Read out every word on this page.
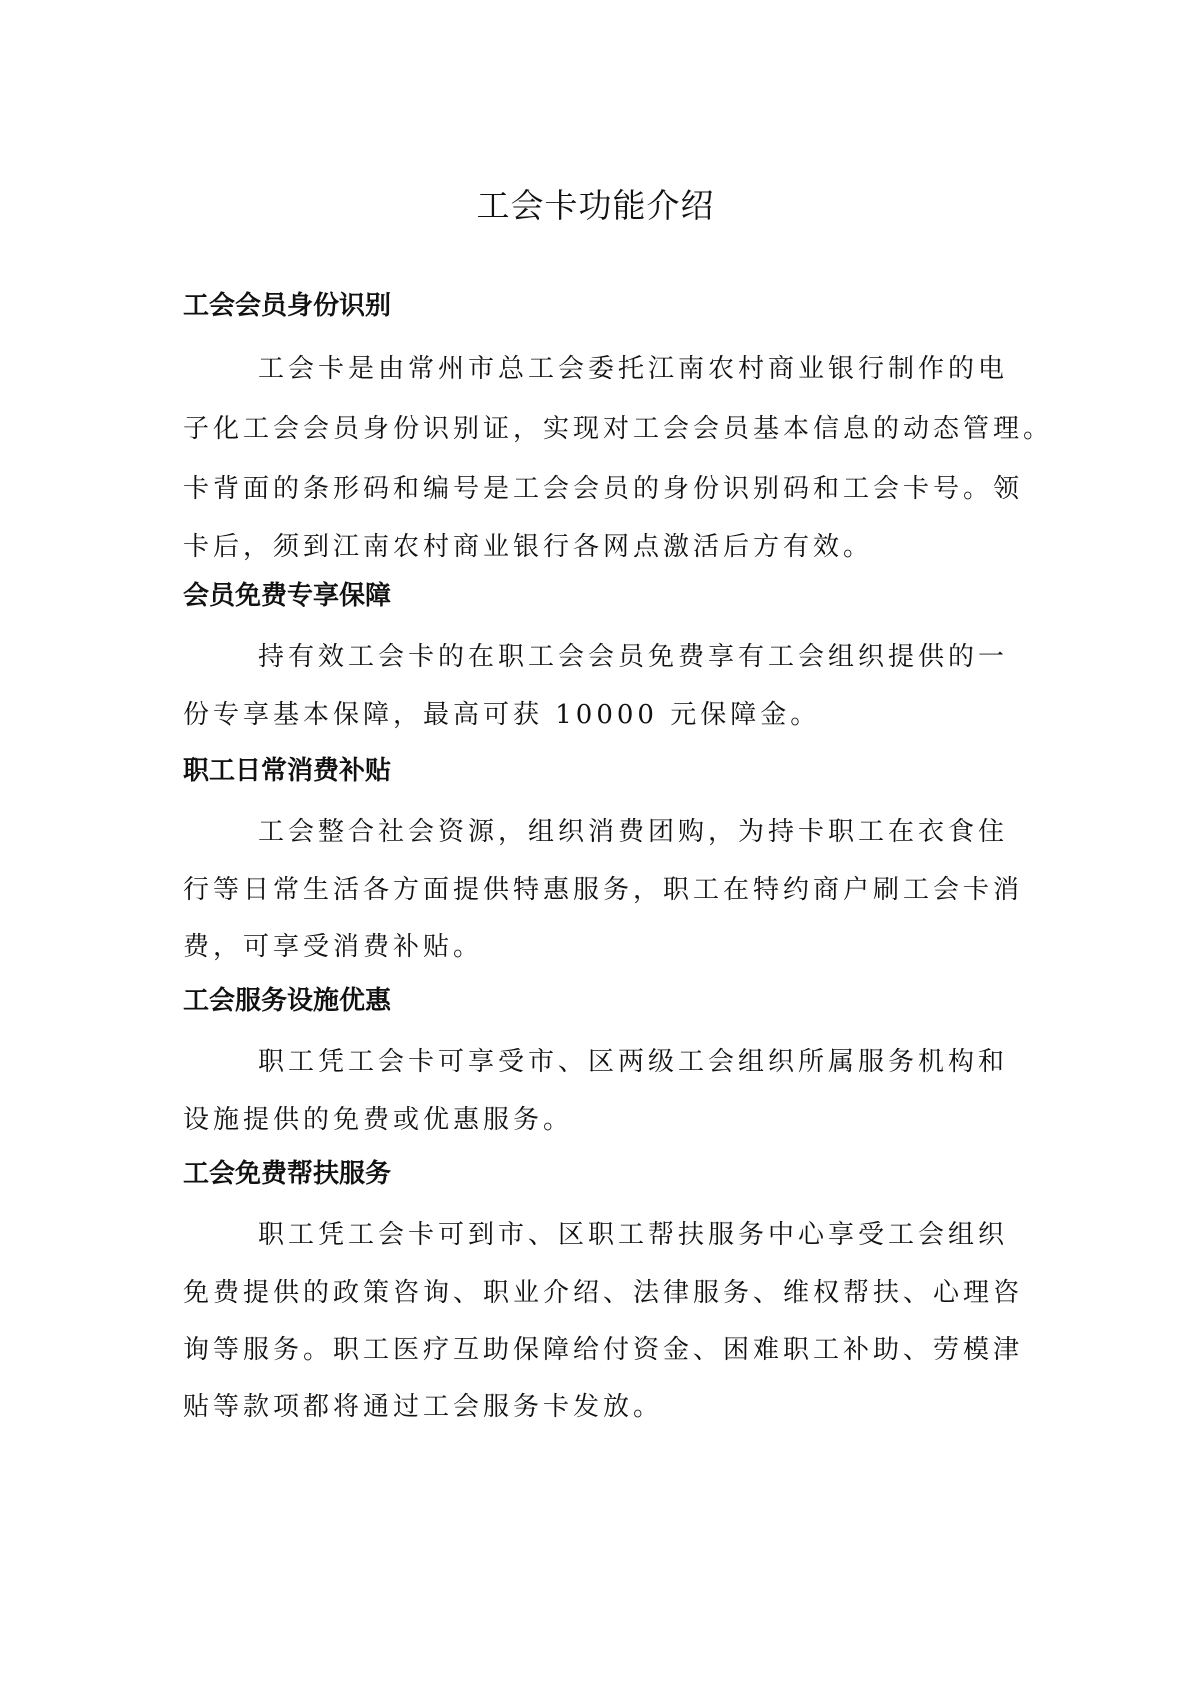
工会卡功能介绍
工会会员身份识别

工会卡是由常州市总工会委托江南农村商业银行制作的电

子化工会会员身份识别证，实现对工会会员基本信息的动态管理。

卡背面的条形码和编号是工会会员的身份识别码和工会卡号。领

卡后，须到江南农村商业银行各网点激活后方有效。

会员免费专享保障

持有效工会卡的在职工会会员免费享有工会组织提供的一

份专享基本保障，最高可获 10000 元保障金。

职工日常消费补贴

工会整合社会资源，组织消费团购，为持卡职工在衣食住

行等日常生活各方面提供特惠服务，职工在特约商户刷工会卡消

费，可享受消费补贴。

工会服务设施优惠

职工凭工会卡可享受市、区两级工会组织所属服务机构和

设施提供的免费或优惠服务。

工会免费帮扶服务

职工凭工会卡可到市、区职工帮扶服务中心享受工会组织

免费提供的政策咨询、职业介绍、法律服务、维权帮扶、心理咨

询等服务。职工医疗互助保障给付资金、困难职工补助、劳模津

贴等款项都将通过工会服务卡发放。
